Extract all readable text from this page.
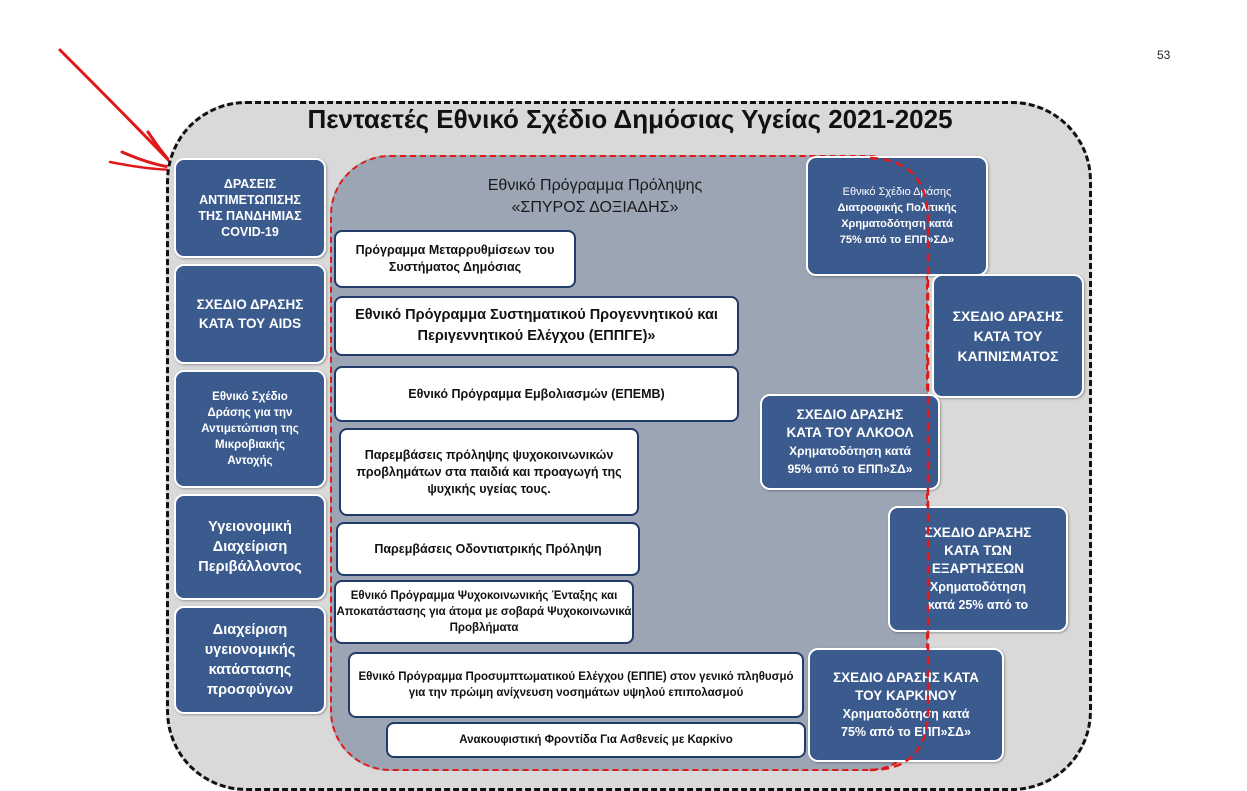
53
Πενταετές Εθνικό Σχέδιο Δημόσιας Υγείας 2021-2025
Εθνικό Πρόγραμμα Πρόληψης
«ΣΠΥΡΟΣ ΔΟΞΙΑΔΗΣ»
ΔΡΑΣΕΙΣ
ΑΝΤΙΜΕΤΩΠΙΣΗΣ
ΤΗΣ ΠΑΝΔΗΜΙΑΣ
COVID-19
ΣΧΕΔΙΟ ΔΡΑΣΗΣ
ΚΑΤΑ ΤΟΥ AIDS
Εθνικό Σχέδιο
Δράσης για την
Αντιμετώπιση της
Μικροβιακής
Αντοχής
Υγειονομική
Διαχείριση
Περιβάλλοντος
Διαχείριση
υγειονομικής
κατάστασης
προσφύγων
Πρόγραμμα Μεταρρυθμίσεων του Συστήματος Δημόσιας
Εθνικό Πρόγραμμα Συστηματικού Προγεννητικού και Περιγεννητικού Ελέγχου (ΕΠΠΓΕ)»
Εθνικό Πρόγραμμα Εμβολιασμών (ΕΠΕΜΒ)
Παρεμβάσεις πρόληψης ψυχοκοινωνικών προβλημάτων στα παιδιά και προαγωγή της ψυχικής υγείας τους.
Παρεμβάσεις Οδοντιατρικής Πρόληψη
Εθνικό Πρόγραμμα Ψυχοκοινωνικής Ένταξης και Αποκατάστασης για άτομα με σοβαρά Ψυχοκοινωνικά Προβλήματα
Εθνικό Πρόγραμμα Προσυμπτωματικού Ελέγχου (ΕΠΠΕ) στον γενικό πληθυσμό για την πρώιμη ανίχνευση νοσημάτων υψηλού επιπολασμού
Ανακουφιστική Φροντίδα Για Ασθενείς με Καρκίνο
Εθνικό Σχέδιο Δράσης
Διατροφικής Πολιτικής
Χρηματοδότηση κατά
75% από το ΕΠΠ»ΣΔ»
ΣΧΕΔΙΟ ΔΡΑΣΗΣ
ΚΑΤΑ ΤΟΥ
ΚΑΠΝΙΣΜΑΤΟΣ
ΣΧΕΔΙΟ ΔΡΑΣΗΣ
ΚΑΤΑ ΤΟΥ ΑΛΚΟΟΛ
Χρηματοδότηση κατά
95% από το ΕΠΠ»ΣΔ»
ΣΧΕΔΙΟ ΔΡΑΣΗΣ
ΚΑΤΑ ΤΩΝ
ΕΞΑΡΤΗΣΕΩΝ
Χρηματοδότηση
κατά 25% από το
ΣΧΕΔΙΟ ΔΡΑΣΗΣ ΚΑΤΑ
ΤΟΥ ΚΑΡΚΙΝΟΥ
Χρηματοδότηση κατά
75% από το ΕΠΠ»ΣΔ»
